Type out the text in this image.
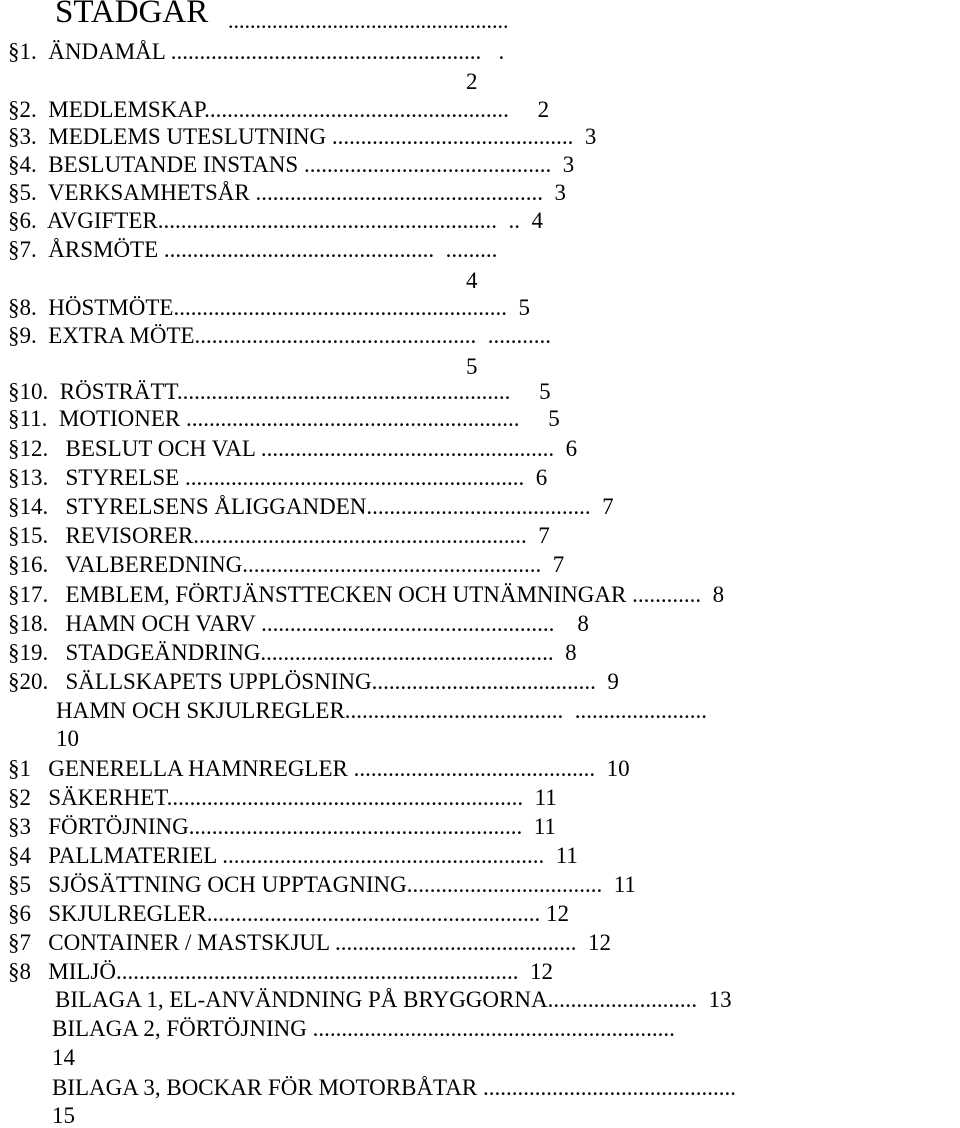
STADGAR ...................................................
§1.  ÄNDAMÅL ......................................................   .
2
§2.  MEDLEMSKAP.....................................................     2
§3.  MEDLEMS UTESLUTNING ..........................................  3
§4.  BESLUTANDE INSTANS ...........................................  3
§5.  VERKSAMHETSÅR ..................................................  3
§6.  AVGIFTER...........................................................  ..  4
§7.  ÅRSMÖTE ...............................................  .........
4
§8.  HÖSTMÖTE..........................................................  5
§9.  EXTRA MÖTE.................................................  ...........
5
§10.  RÖSTRÄTT..........................................................     5
§11.  MOTIONER ..........................................................     5
§12.   BESLUT OCH VAL ...................................................  6
§13.   STYRELSE ...........................................................  6
§14.   STYRELSENS ÅLIGGANDEN.......................................  7
§15.   REVISORER..........................................................  7
§16.   VALBEREDNING....................................................  7
§17.   EMBLEM, FÖRTJÄNSTTECKEN OCH UTNÄMNINGAR ............  8
§18.   HAMN OCH VARV ...................................................    8
§19.   STADGEÄNDRING...................................................  8
§20.   SÄLLSKAPETS UPPLÖSNING.......................................  9
HAMN OCH SKJULREGLER......................................  .......................
10
§1   GENERELLA HAMNREGLER ..........................................  10
§2   SÄKERHET..............................................................  11
§3   FÖRTÖJNING..........................................................  11
§4   PALLMATERIEL ........................................................  11
§5   SJÖSÄTTNING OCH UPPTAGNING..................................  11
§6   SKJULREGLER.......................................................... 12
§7   CONTAINER / MASTSKJUL ..........................................  12
§8   MILJÖ......................................................................  12
BILAGA 1, EL-ANVÄNDNING PÅ BRYGGORNA..........................  13
BILAGA 2, FÖRTÖJNING ...............................................................
14
BILAGA 3, BOCKAR FÖR MOTORBÅTAR ............................................
15
